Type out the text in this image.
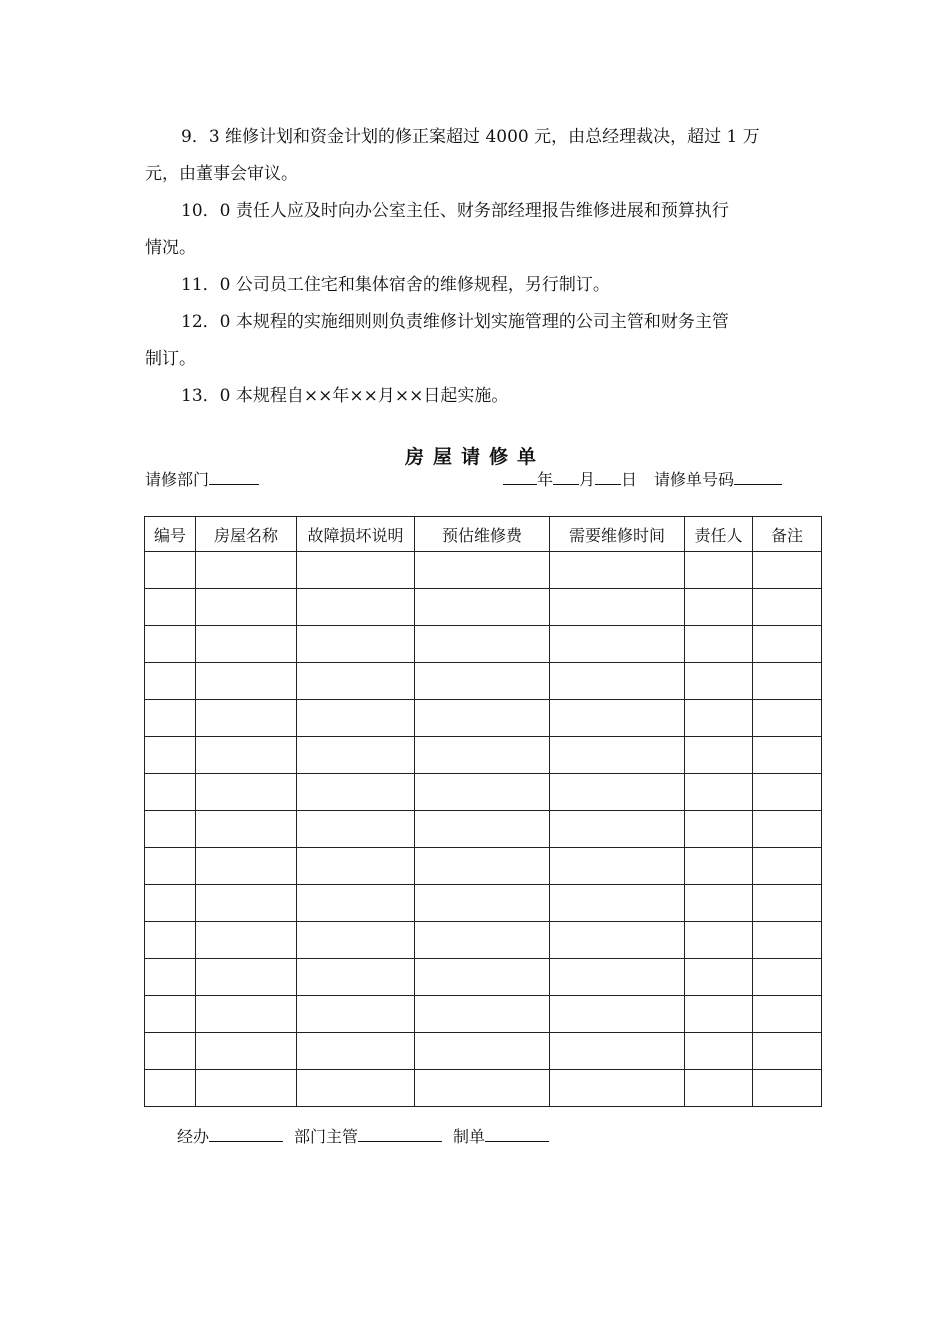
9．3 维修计划和资金计划的修正案超过 4000 元，由总经理裁决，超过 1 万
元，由董事会审议。
10．0 责任人应及时向办公室主任、财务部经理报告维修进展和预算执行
情况。
11．0 公司员工住宅和集体宿舍的维修规程，另行制订。
12．0 本规程的实施细则则负责维修计划实施管理的公司主管和财务主管
制订。
13．0 本规程自××年××月××日起实施。
房屋请修单
请修部门	年 月 日 请修单号码
编号	房屋名称	故障损坏说明	预估维修费	需要维修时间	责任人	备注

经办	部门主管	制单
